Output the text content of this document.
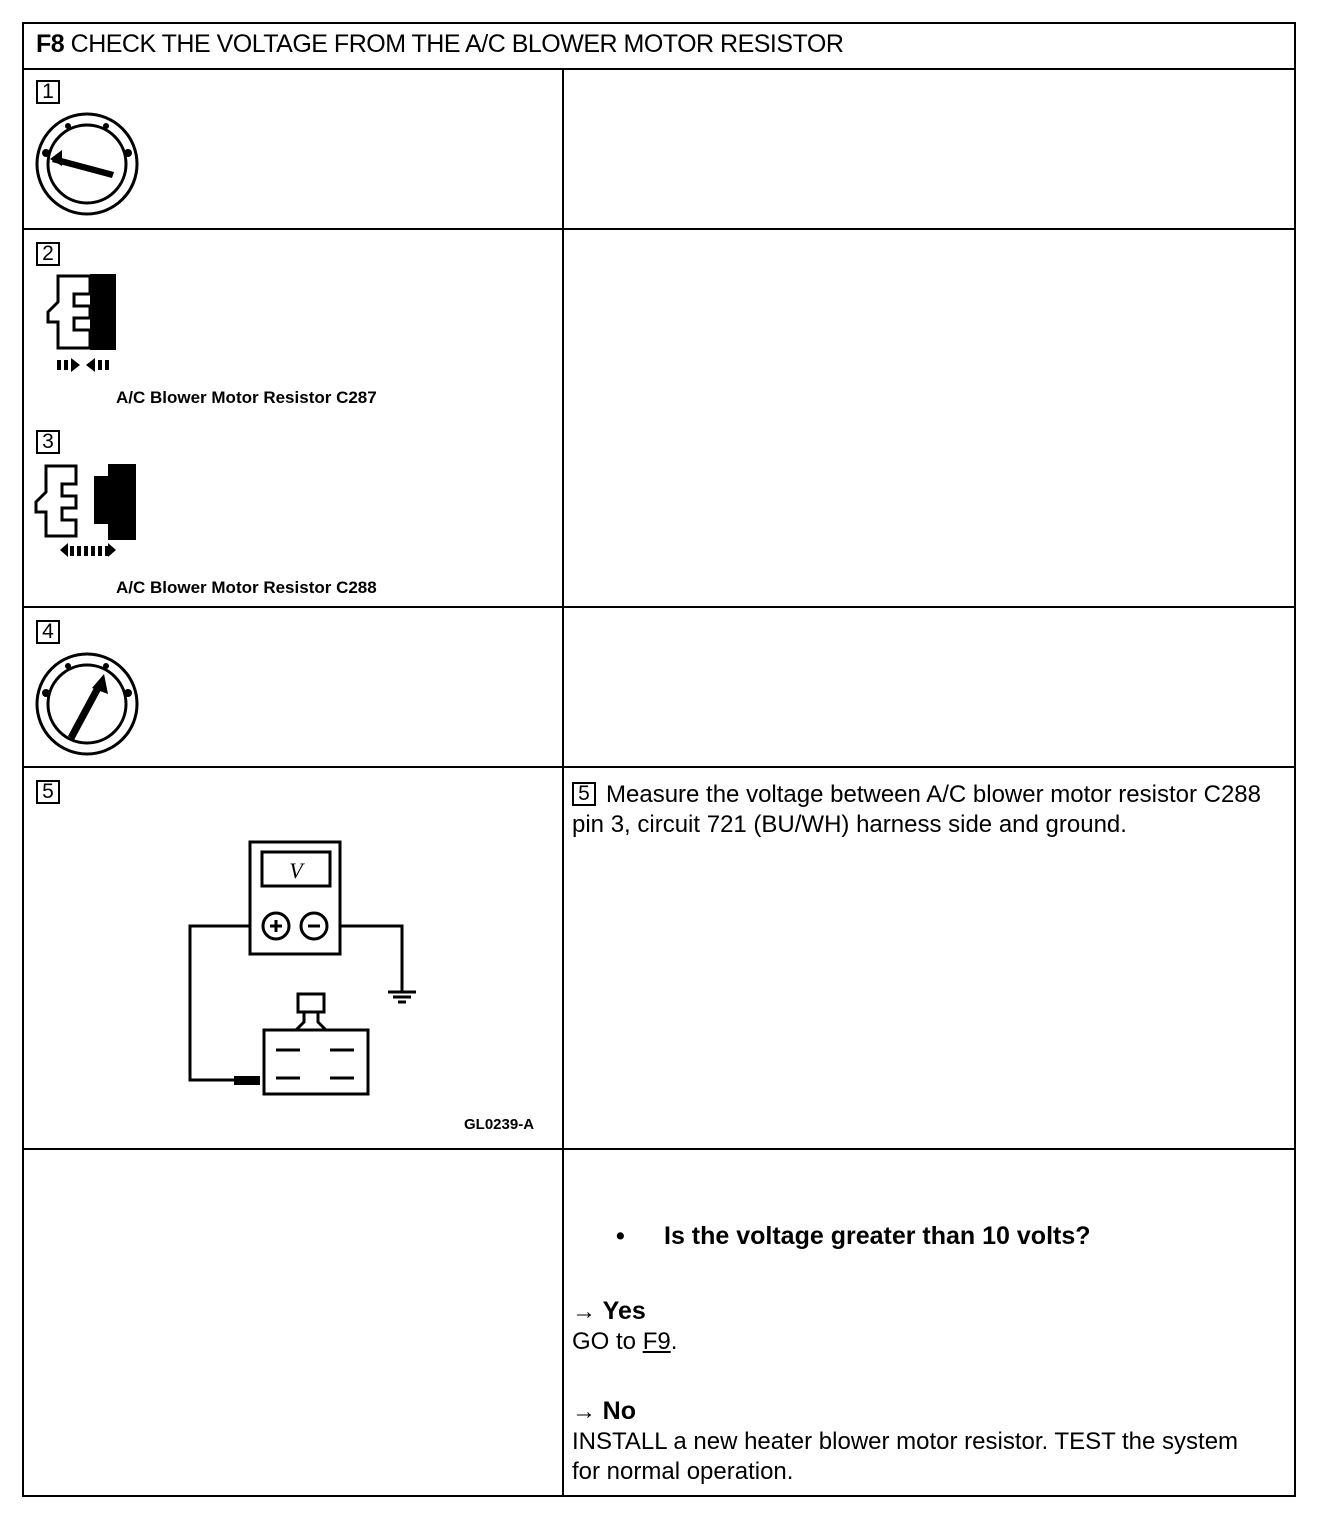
F8 CHECK THE VOLTAGE FROM THE A/C BLOWER MOTOR RESISTOR
1
2
A/C Blower Motor Resistor C287
3
A/C Blower Motor Resistor C288
4
5
V
GL0239-A
5 Measure the voltage between A/C blower motor resistor C288 pin 3, circuit 721 (BU/WH) harness side and ground.
• Is the voltage greater than 10 volts?
→ Yes
GO to F9.
→ No
INSTALL a new heater blower motor resistor. TEST the system for normal operation.
